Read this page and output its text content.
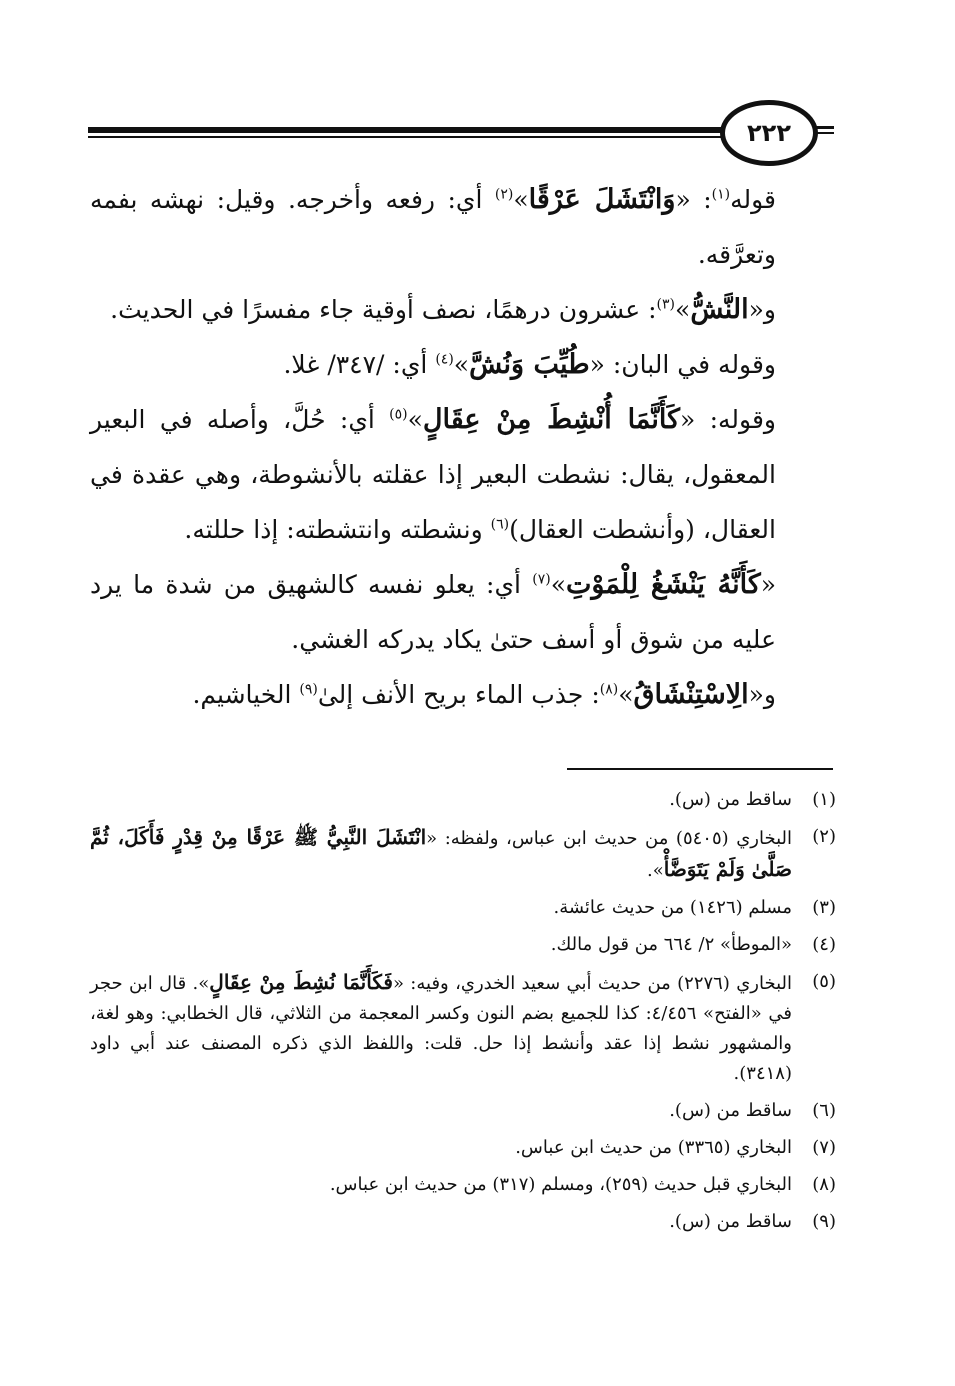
٢٢٢

قوله$^{(١)}$: «وَانْتَشَلَ عَرْقًا»$^{(٢)}$ أي: رفعه وأخرجه. وقيل: نهشه بفمه وتعرَّقه.

و«النَّشُّ»$^{(٣)}$: عشرون درهمًا، نصف أوقية جاء مفسرًا في الحديث.

وقوله في البان: «طُيِّبَ وَنُشَّ»$^{(٤)}$ أي: /٣٤٧/ غلا.

وقوله: «كَأَنَّمَا أُنْشِطَ مِنْ عِقَالٍ»$^{(٥)}$ أي: حُلَّ، وأصله في البعير المعقول، يقال: نشطت البعير إذا عقلته بالأنشوطة، وهي عقدة في العقال، (وأنشطت العقال)$^{(٦)}$ ونشطته وانتشطته: إذا حللته.

«كَأَنَّهُ يَنْشَغُ لِلْمَوْتِ»$^{(٧)}$ أي: يعلو نفسه كالشهيق من شدة ما يرد عليه من شوق أو أسف حتىٰ يكاد يدركه الغشي.

و«الِاسْتِنْشَاقُ»$^{(٨)}$: جذب الماء بريح الأنف إلىٰ$^{(٩)}$ الخياشيم.

(١)
ساقط من (س).
(٢)
البخاري (٥٤٠٥) من حديث ابن عباس، ولفظه: «انْتَشَلَ النَّبِيُّ ﷺ عَرْقًا مِنْ قِدْرٍ فَأَكَلَ، ثُمَّ صَلَّىٰ وَلَمْ يَتَوَضَّأْ».
(٣)
مسلم (١٤٢٦) من حديث عائشة.
(٤)
«الموطأ» ٢/ ٦٦٤ من قول مالك.
(٥)
البخاري (٢٢٧٦) من حديث أبي سعيد الخدري، وفيه: «فَكَأَنَّمَا نُشِطَ مِنْ عِقَالٍ». قال ابن حجر في «الفتح» ٤/٤٥٦: كذا للجميع بضم النون وكسر المعجمة من الثلاثي، قال الخطابي: وهو لغة، والمشهور نشط إذا عقد وأنشط إذا حل. قلت: واللفظ الذي ذكره المصنف عند أبي داود (٣٤١٨).
(٦)
ساقط من (س).
(٧)
البخاري (٣٣٦٥) من حديث ابن عباس.
(٨)
البخاري قبل حديث (٢٥٩)، ومسلم (٣١٧) من حديث ابن عباس.
(٩)
ساقط من (س).
